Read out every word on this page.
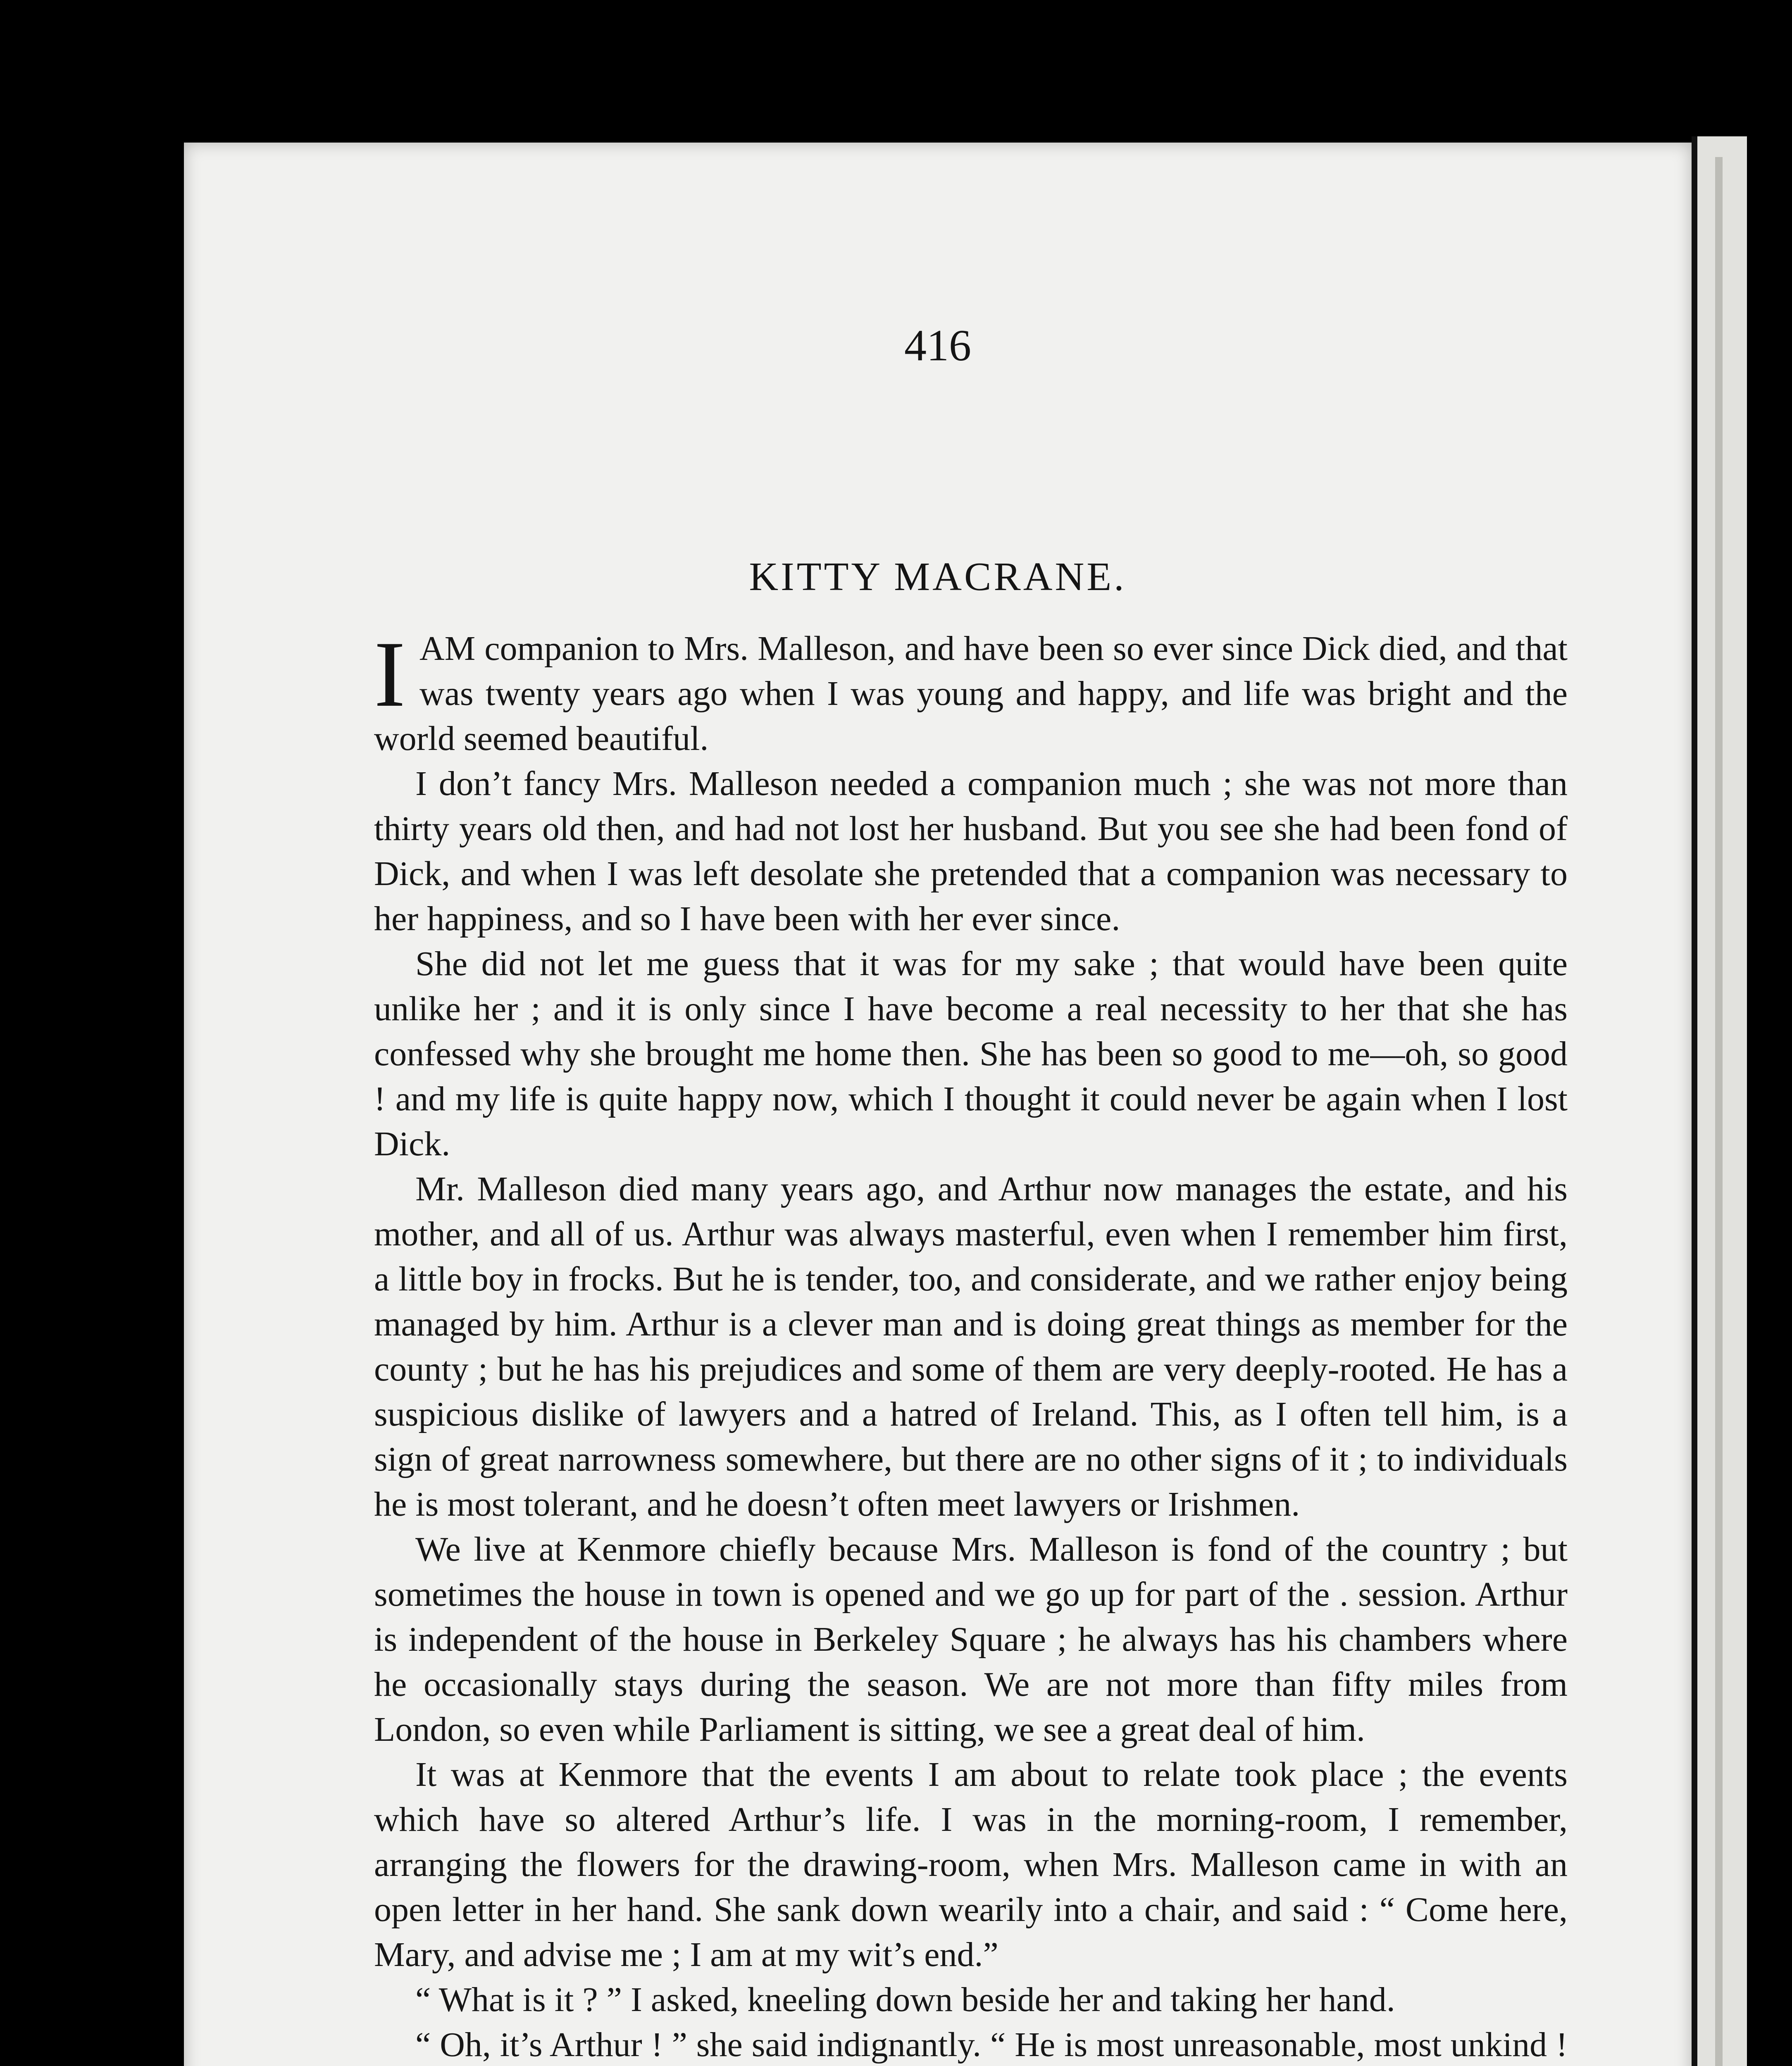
416
KITTY MACRANE.

IAM companion to Mrs. Malleson, and have been so ever since Dick died, and that was twenty years ago when I was young and happy, and life was bright and the world seemed beautiful.

I don’t fancy Mrs. Malleson needed a companion much ; she was not more than thirty years old then, and had not lost her husband. But you see she had been fond of Dick, and when I was left desolate she pretended that a companion was necessary to her happiness, and so I have been with her ever since.

She did not let me guess that it was for my sake ; that would have been quite unlike her ; and it is only since I have become a real necessity to her that she has confessed why she brought me home then. She has been so good to me—oh, so good ! and my life is quite happy now, which I thought it could never be again when I lost Dick.

Mr. Malleson died many years ago, and Arthur now manages the estate, and his mother, and all of us. Arthur was always masterful, even when I remember him first, a little boy in frocks. But he is tender, too, and considerate, and we rather enjoy being managed by him. Arthur is a clever man and is doing great things as member for the county ; but he has his prejudices and some of them are very deeply-rooted. He has a suspicious dislike of lawyers and a hatred of Ireland. This, as I often tell him, is a sign of great narrowness somewhere, but there are no other signs of it ; to individuals he is most tolerant, and he doesn’t often meet lawyers or Irishmen.

We live at Kenmore chiefly because Mrs. Malleson is fond of the country ; but sometimes the house in town is opened and we go up for part of the . session. Arthur is independent of the house in Berkeley Square ; he always has his chambers where he occasionally stays during the season. We are not more than fifty miles from London, so even while Parliament is sitting, we see a great deal of him.

It was at Kenmore that the events I am about to relate took place ; the events which have so altered Arthur’s life. I was in the morning-room, I remember, arranging the flowers for the drawing-room, when Mrs. Malleson came in with an open letter in her hand. She sank down wearily into a chair, and said : “ Come here, Mary, and advise me ; I am at my wit’s end.”

“ What is it ? ” I asked, kneeling down beside her and taking her hand.

“ Oh, it’s Arthur ! ” she said indignantly. “ He is most unreasonable, most unkind !
